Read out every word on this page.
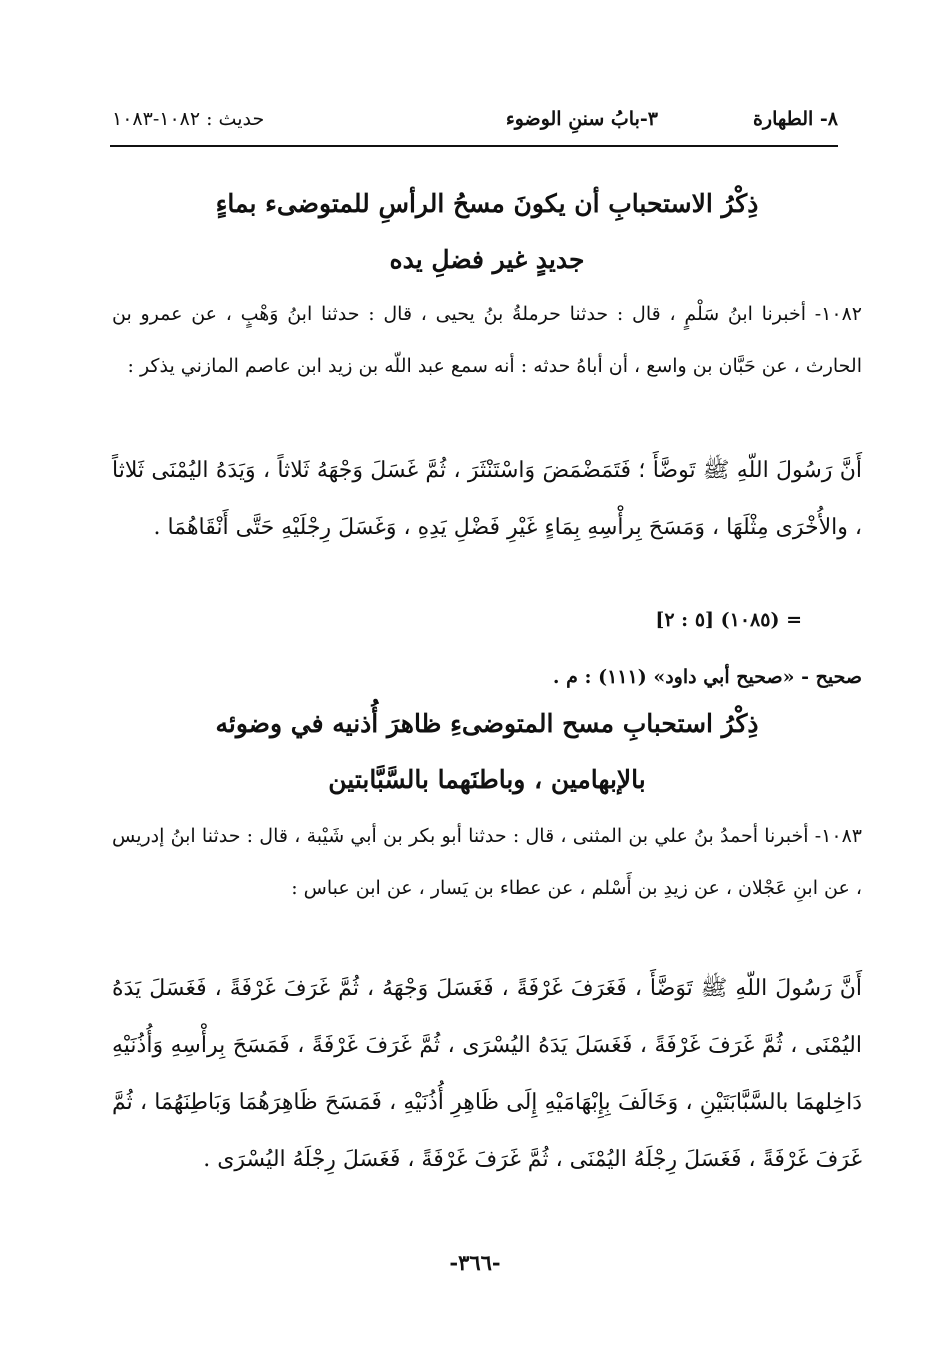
٨- الطهارة
٣-بابُ سننِ الوضوء
حديث : ١٠٨٢-١٠٨٣
ذِكْرُ الاستحبابِ أن يكونَ مسحُ الرأسِ للمتوضىء بماءٍ
جديدٍ غير فضلِ يده
١٠٨٢- أخبرنا ابنُ سَلْمٍ ، قال : حدثنا حرملةُ بنُ يحيى ، قال : حدثنا ابنُ وَهْبٍ ، عن عمرو بن الحارث ، عن حَبَّان بن واسع ، أن أباهُ حدثه : أنه سمع عبد اللّه بن زيد ابن عاصم المازني يذكر :
أَنَّ رَسُولَ اللّهِ ﷺ تَوضَّأَ ؛ فَتَمَضْمَضَ وَاسْتَنْثَرَ ، ثُمَّ غَسَلَ وَجْهَهُ ثَلاثاً ، وَيَدَهُ اليُمْنَى ثَلاثاً ، والأُخْرَى مِثْلَهَا ، وَمَسَحَ بِرأْسِهِ بِمَاءٍ غَيْرِ فَضْلِ يَدِهِ ، وَغَسَلَ رِجْلَيْهِ حَتَّى أَنْقَاهُمَا .
= (١٠٨٥) [٥ : ٢]
صحيح - «صحيح أبي داود» (١١١) : م .
ذِكْرُ استحبابِ مسح المتوضىءِ ظاهرَ أُذنيه في وضوئه
بالإبهامين ، وباطنَهما بالسَّبَّابتين
١٠٨٣- أخبرنا أحمدُ بنُ علي بن المثنى ، قال : حدثنا أبو بكر بن أبي شَيْبة ، قال : حدثنا ابنُ إدريس ، عن ابنِ عَجْلان ، عن زيدِ بن أَسْلم ، عن عطاء بن يَسار ، عن ابن عباس :
أَنَّ رَسُولَ اللّهِ ﷺ تَوَضَّأَ ، فَغَرَفَ غَرْفَةً ، فَغَسَلَ وَجْهَهُ ، ثُمَّ غَرَفَ غَرْفَةً ، فَغَسَلَ يَدَهُ اليُمْنَى ، ثُمَّ غَرَفَ غَرْفَةً ، فَغَسَلَ يَدَهُ اليُسْرَى ، ثُمَّ غَرَفَ غَرْفَةً ، فَمَسَحَ بِرأْسِهِ وَأُذُنَيْهِ دَاخِلهمَا بالسَّبَّابَتَيْنِ ، وَخَالَفَ بِإِبْهَامَيْهِ إِلَى ظَاهِرِ أُذُنَيْهِ ، فَمَسَحَ ظَاهِرَهُمَا وَبَاطِنَهُمَا ، ثُمَّ غَرَفَ غَرْفَةً ، فَغَسَلَ رِجْلَهُ اليُمْنَى ، ثُمَّ غَرَفَ غَرْفَةً ، فَغَسَلَ رِجْلَهُ اليُسْرَى .
-٣٦٦-
